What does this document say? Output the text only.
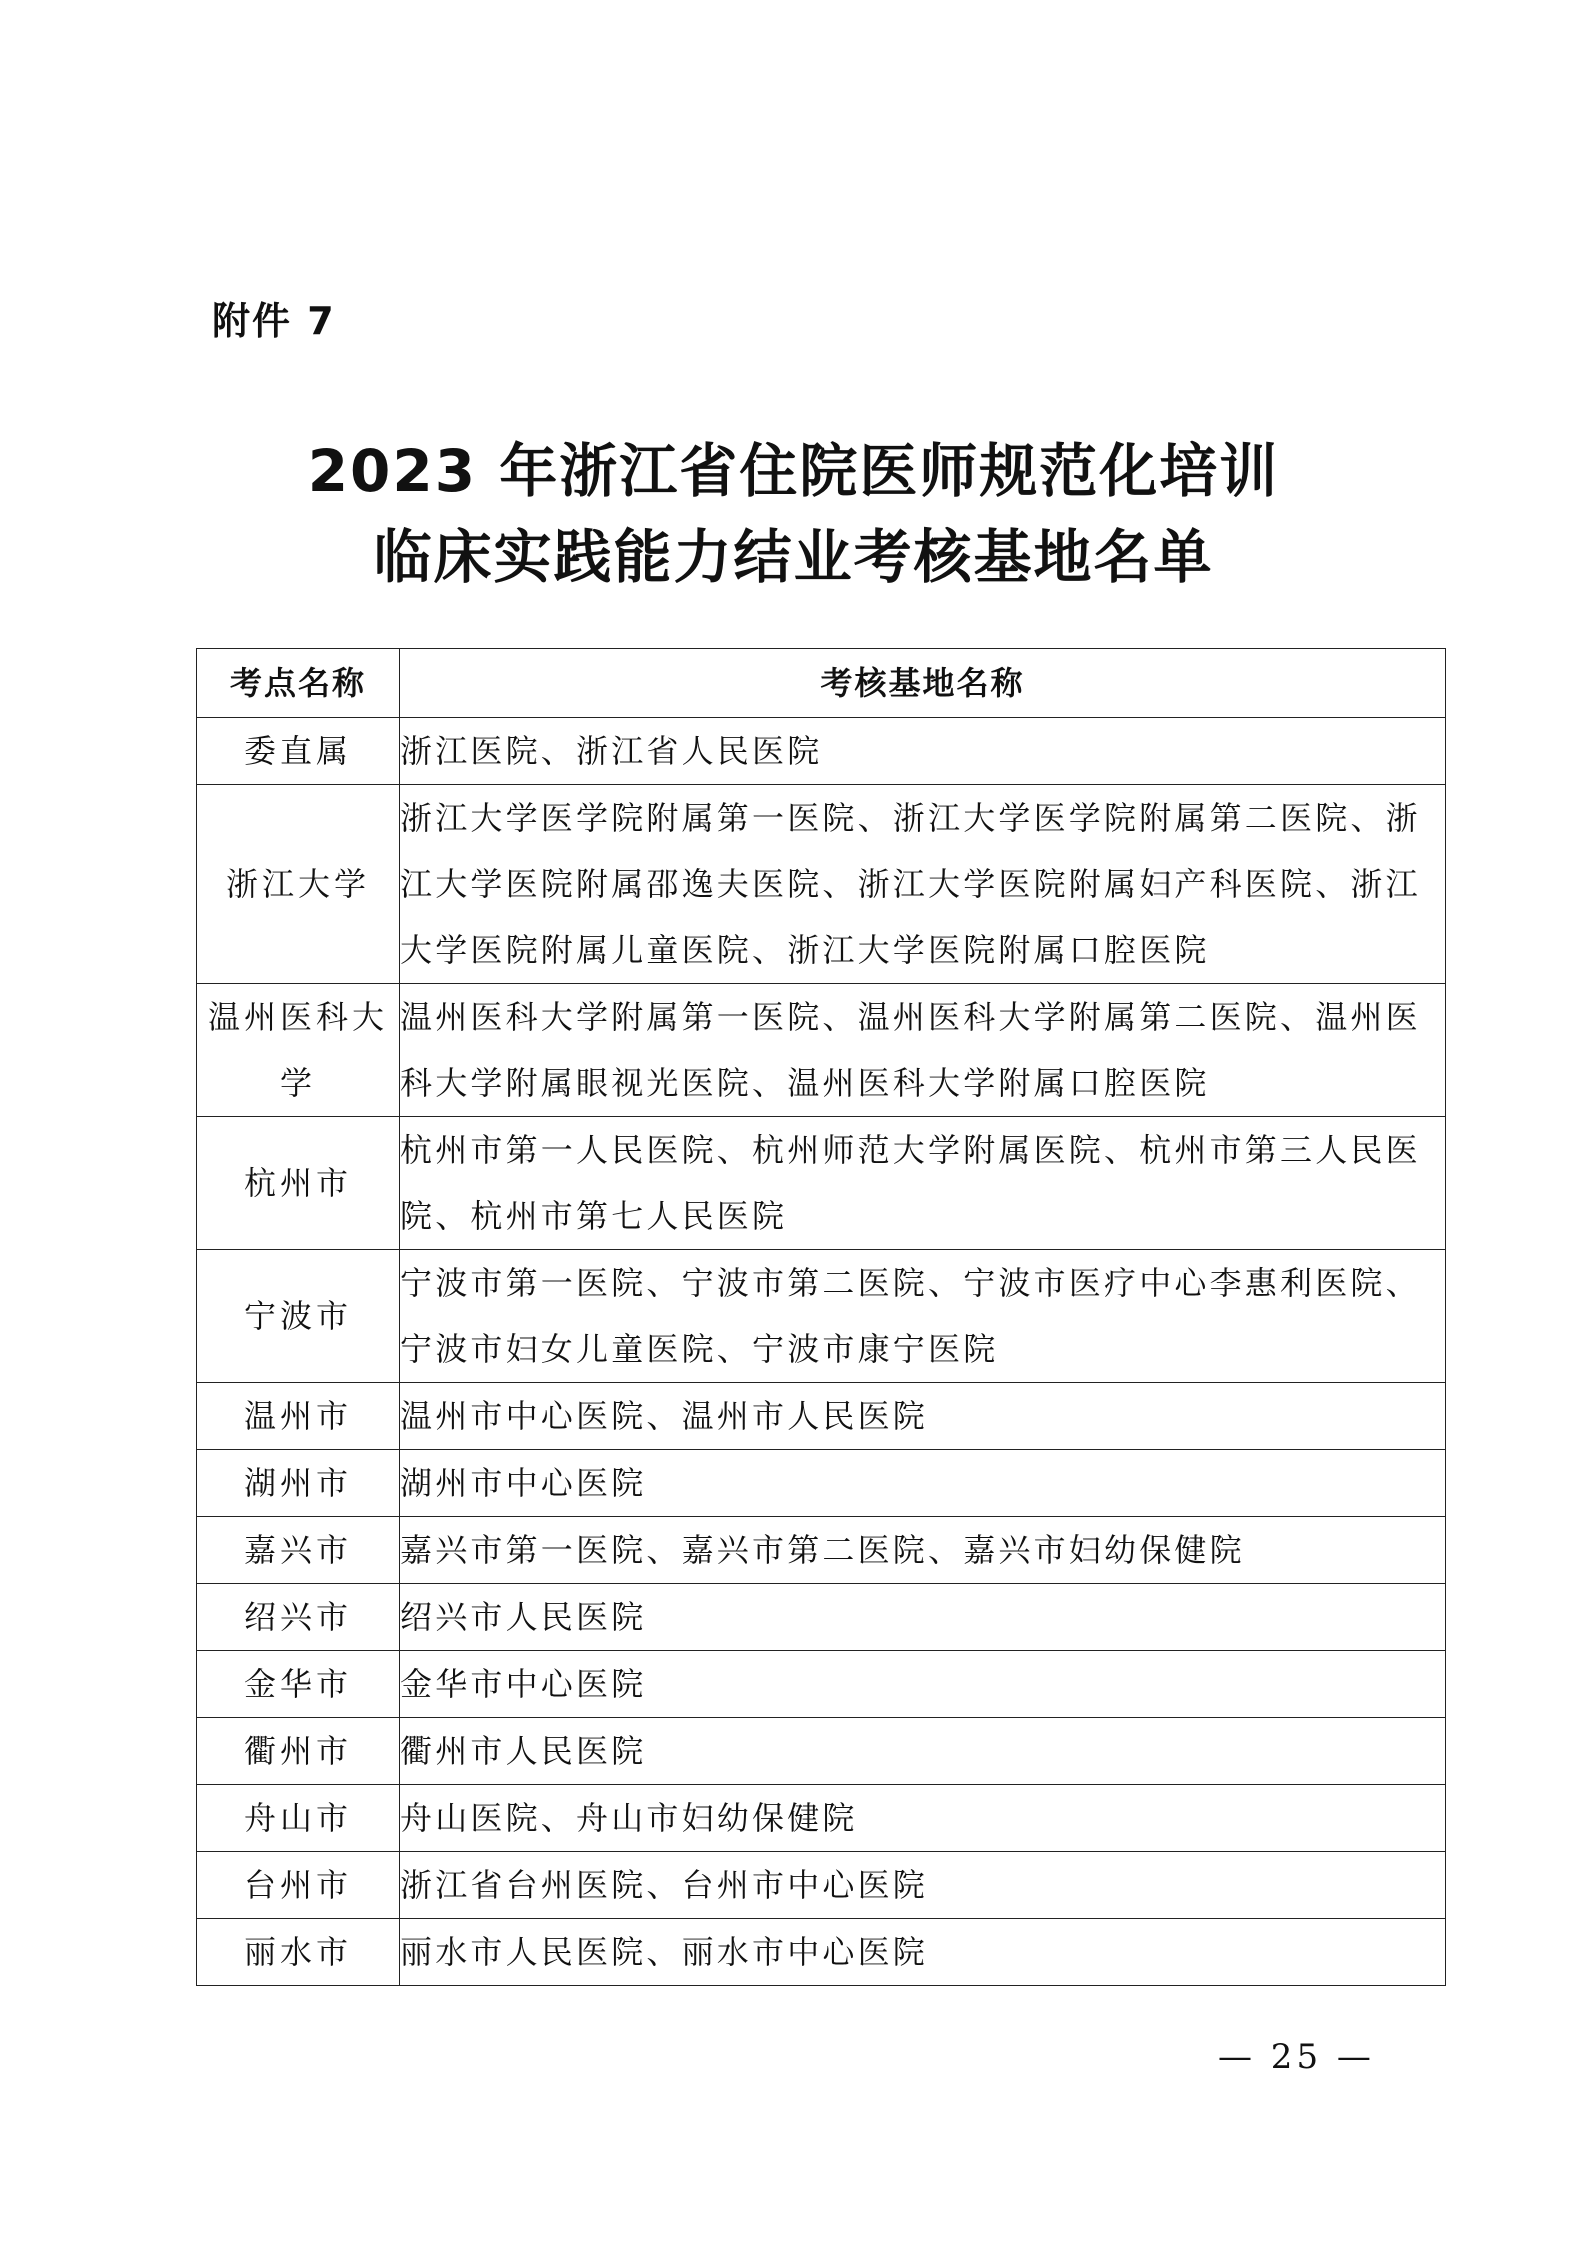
附件 7
2023 年浙江省住院医师规范化培训
临床实践能力结业考核基地名单
考点名称	考核基地名称
委直属	浙江医院、浙江省人民医院
浙江大学	浙江大学医学院附属第一医院、浙江大学医学院附属第二医院、浙江大学医院附属邵逸夫医院、浙江大学医院附属妇产科医院、浙江大学医院附属儿童医院、浙江大学医院附属口腔医院
温州医科大学	温州医科大学附属第一医院、温州医科大学附属第二医院、温州医科大学附属眼视光医院、温州医科大学附属口腔医院
杭州市	杭州市第一人民医院、杭州师范大学附属医院、杭州市第三人民医院、杭州市第七人民医院
宁波市	宁波市第一医院、宁波市第二医院、宁波市医疗中心李惠利医院、宁波市妇女儿童医院、宁波市康宁医院
温州市	温州市中心医院、温州市人民医院
湖州市	湖州市中心医院
嘉兴市	嘉兴市第一医院、嘉兴市第二医院、嘉兴市妇幼保健院
绍兴市	绍兴市人民医院
金华市	金华市中心医院
衢州市	衢州市人民医院
舟山市	舟山医院、舟山市妇幼保健院
台州市	浙江省台州医院、台州市中心医院
丽水市	丽水市人民医院、丽水市中心医院
— 25 —
